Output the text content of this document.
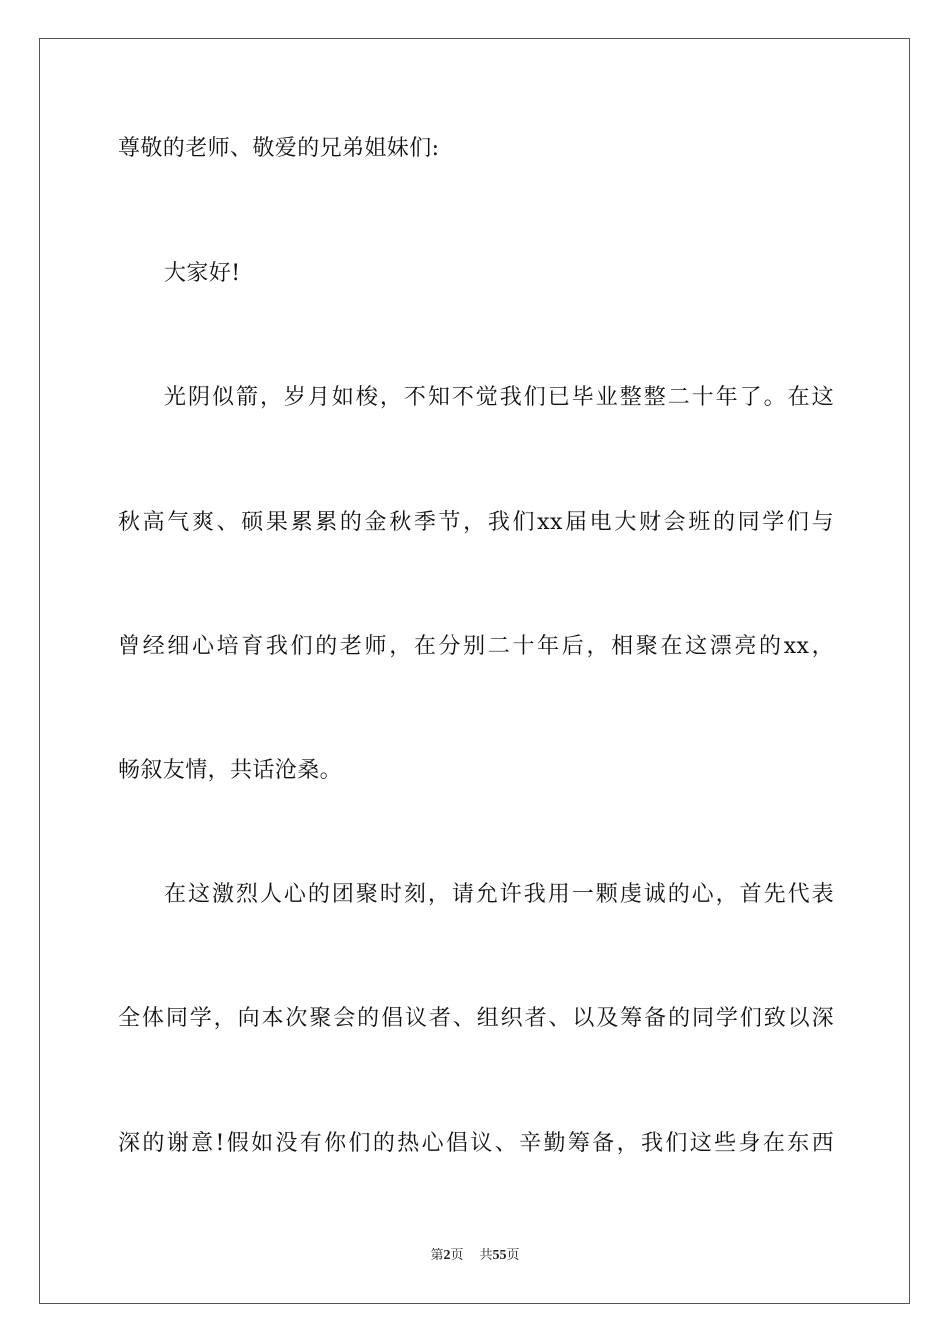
尊敬的老师、敬爱的兄弟姐妹们:
大家好!
光阴似箭，岁月如梭，不知不觉我们已毕业整整二十年了。在这
秋高气爽、硕果累累的金秋季节，我们xx届电大财会班的同学们与
曾经细心培育我们的老师，在分别二十年后，相聚在这漂亮的xx，
畅叙友情，共话沧桑。
在这激烈人心的团聚时刻，请允许我用一颗虔诚的心，首先代表
全体同学，向本次聚会的倡议者、组织者、以及筹备的同学们致以深
深的谢意!假如没有你们的热心倡议、辛勤筹备，我们这些身在东西
第2页 共55页
